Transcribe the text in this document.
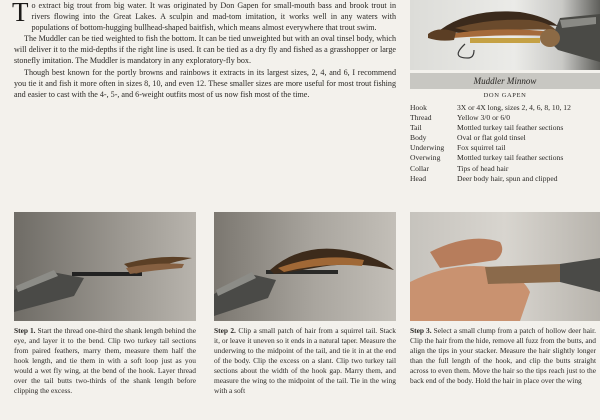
To extract big trout from big water. It was originated by Don Gapen for small-mouth bass and brook trout in rivers flowing into the Great Lakes. A sculpin and mad-tom imitation, it works well in any waters with populations of bottom-hugging bullhead-shaped baitfish, which means almost everywhere that trout swim.

The Muddler can be tied weighted to fish the bottom. It can be tied unweighted but with an oval tinsel body, which will deliver it to the mid-depths if the right line is used. It can be tied as a dry fly and fished as a grasshopper or large stonefly imitation. The Muddler is mandatory in any exploratory-fly box.

Though best known for the portly browns and rainbows it extracts in its largest sizes, 2, 4, and 6, I recommend you tie it and fish it more often in sizes 8, 10, and even 12. These smaller sizes are more useful for most trout fishing and easier to cast with the 4-, 5-, and 6-weight outfits most of us now fish most of the time.

Muddler Minnow
DON GAPEN
Hook	3X or 4X long, sizes 2, 4, 6, 8, 10, 12
Thread	Yellow 3/0 or 6/0
Tail	Mottled turkey tail feather sections
Body	Oval or flat gold tinsel
Underwing	Fox squirrel tail
Overwing	Mottled turkey tail feather sections
Collar	Tips of head hair
Head	Deer body hair, spun and clipped
Step 1. Start the thread one-third the shank length behind the eye, and layer it to the bend. Clip two turkey tail sections from paired feathers, marry them, measure them half the hook length, and tie them in with a soft loop just as you would a wet fly wing, at the bend of the hook. Layer thread over the tail butts two-thirds of the shank length before clipping the excess.
Step 2. Clip a small patch of hair from a squirrel tail. Stack it, or leave it uneven so it ends in a natural taper. Measure the underwing to the midpoint of the tail, and tie it in at the end of the body. Clip the excess on a slant. Clip two turkey tail sections about the width of the hook gap. Marry them, and measure the wing to the midpoint of the tail. Tie in the wing with a soft
Step 3. Select a small clump from a patch of hollow deer hair. Clip the hair from the hide, remove all fuzz from the butts, and align the tips in your stacker. Measure the hair slightly longer than the full length of the hook, and clip the butts straight across to even them. Move the hair so the tips reach just to the back end of the body. Hold the hair in place over the wing
